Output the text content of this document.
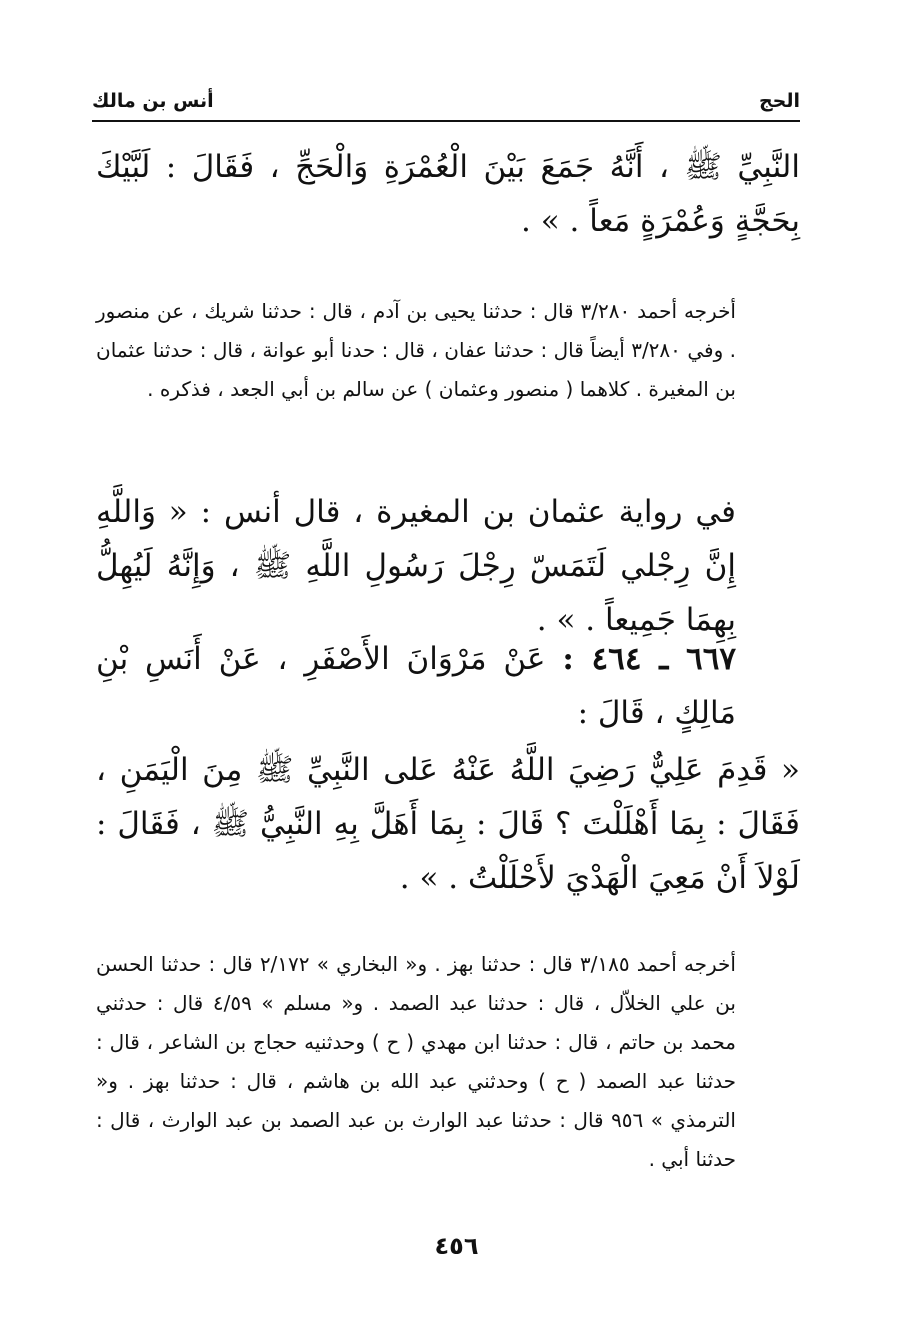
الحج
أنس بن مالك
النَّبِيِّ ﷺ ، أَنَّهُ جَمَعَ بَيْنَ الْعُمْرَةِ وَالْحَجِّ ، فَقَالَ : لَبَّيْكَ بِحَجَّةٍ وَعُمْرَةٍ مَعاً . » .
أخرجه أحمد ٣/٢٨٠ قال : حدثنا يحيى بن آدم ، قال : حدثنا شريك ، عن منصور . وفي ٣/٢٨٠ أيضاً قال : حدثنا عفان ، قال : حدنا أبو عوانة ، قال : حدثنا عثمان بن المغيرة . كلاهما ( منصور وعثمان ) عن سالم بن أبي الجعد ، فذكره .
في رواية عثمان بن المغيرة ، قال أنس : « وَاللَّهِ إِنَّ رِجْلي لَتَمَسّ رِجْلَ رَسُولِ اللَّهِ ﷺ ، وَإِنَّهُ لَيُهِلُّ بِهِمَا جَمِيعاً . » .
٦٦٧ ـ ٤٦٤ : عَنْ مَرْوَانَ الأَصْفَرِ ، عَنْ أَنَسِ بْنِ مَالِكٍ ، قَالَ :
« قَدِمَ عَلِيٌّ رَضِيَ اللَّهُ عَنْهُ عَلى النَّبِيِّ ﷺ مِنَ الْيَمَنِ ، فَقَالَ : بِمَا أَهْلَلْتَ ؟ قَالَ : بِمَا أَهَلَّ بِهِ النَّبِيُّ ﷺ ، فَقَالَ : لَوْلاَ أَنْ مَعِيَ الْهَدْيَ لأَحْلَلْتُ . » .
أخرجه أحمد ٣/١٨٥ قال : حدثنا بهز . و« البخاري » ٢/١٧٢ قال : حدثنا الحسن بن علي الخلاّل ، قال : حدثنا عبد الصمد . و« مسلم » ٤/٥٩ قال : حدثني محمد بن حاتم ، قال : حدثنا ابن مهدي ( ح ) وحدثنيه حجاج بن الشاعر ، قال : حدثنا عبد الصمد ( ح ) وحدثني عبد الله بن هاشم ، قال : حدثنا بهز . و« الترمذي » ٩٥٦ قال : حدثنا عبد الوارث بن عبد الصمد بن عبد الوارث ، قال : حدثنا أبي .
٤٥٦
